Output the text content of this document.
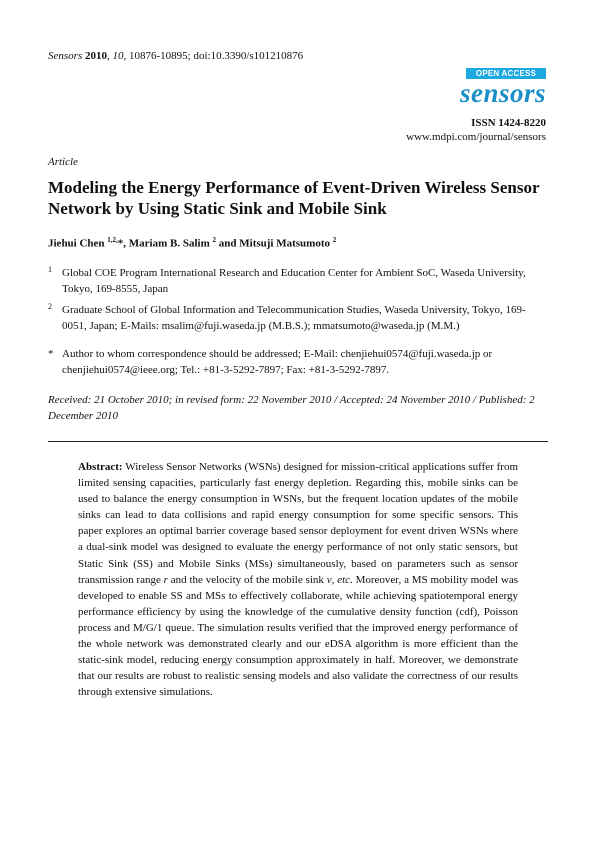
Sensors 2010, 10, 10876-10895; doi:10.3390/s101210876
OPEN ACCESS
sensors
ISSN 1424-8220
www.mdpi.com/journal/sensors
Article
Modeling the Energy Performance of Event-Driven Wireless Sensor Network by Using Static Sink and Mobile Sink
Jiehui Chen $^{1,2,}$*, Mariam B. Salim $^2$ and Mitsuji Matsumoto $^2$
1 Global COE Program International Research and Education Center for Ambient SoC, Waseda University, Tokyo, 169-8555, Japan
2 Graduate School of Global Information and Telecommunication Studies, Waseda University, Tokyo, 169-0051, Japan; E-Mails: msalim@fuji.waseda.jp (M.B.S.); mmatsumoto@waseda.jp (M.M.)
* Author to whom correspondence should be addressed; E-Mail: chenjiehui0574@fuji.waseda.jp or chenjiehui0574@ieee.org; Tel.: +81-3-5292-7897; Fax: +81-3-5292-7897.
Received: 21 October 2010; in revised form: 22 November 2010 / Accepted: 24 November 2010 / Published: 2 December 2010
Abstract: Wireless Sensor Networks (WSNs) designed for mission-critical applications suffer from limited sensing capacities, particularly fast energy depletion. Regarding this, mobile sinks can be used to balance the energy consumption in WSNs, but the frequent location updates of the mobile sinks can lead to data collisions and rapid energy consumption for some specific sensors. This paper explores an optimal barrier coverage based sensor deployment for event driven WSNs where a dual-sink model was designed to evaluate the energy performance of not only static sensors, but Static Sink (SS) and Mobile Sinks (MSs) simultaneously, based on parameters such as sensor transmission range r and the velocity of the mobile sink v, etc. Moreover, a MS mobility model was developed to enable SS and MSs to effectively collaborate, while achieving spatiotemporal energy performance efficiency by using the knowledge of the cumulative density function (cdf), Poisson process and M/G/1 queue. The simulation results verified that the improved energy performance of the whole network was demonstrated clearly and our eDSA algorithm is more efficient than the static-sink model, reducing energy consumption approximately in half. Moreover, we demonstrate that our results are robust to realistic sensing models and also validate the correctness of our results through extensive simulations.
